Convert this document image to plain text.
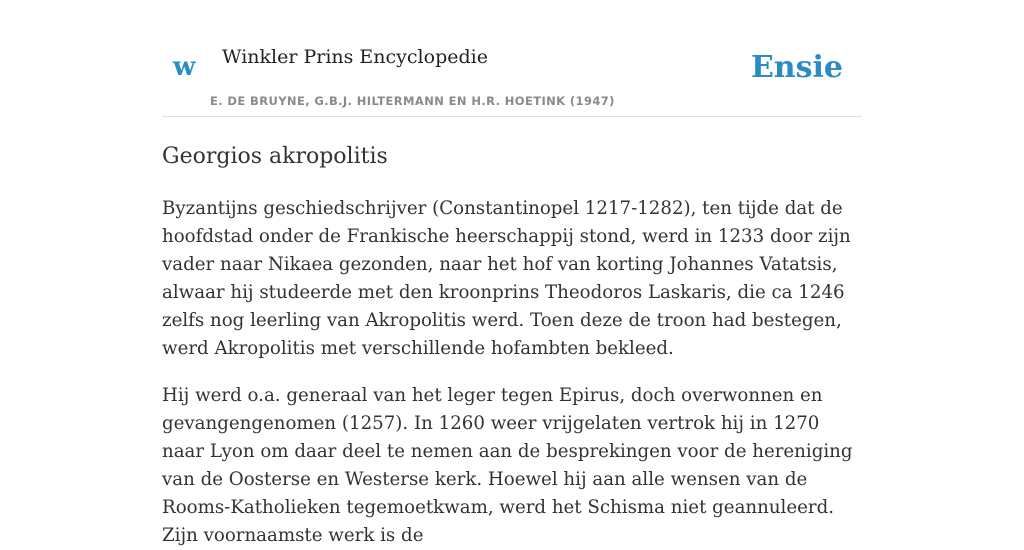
w Winkler Prins Encyclopedie	Ensie
E. DE BRUYNE, G.B.J. HILTERMANN EN H.R. HOETINK (1947)
Georgios akropolitis

Byzantijns geschiedschrijver (Constantinopel 1217-1282), ten tijde dat de hoofdstad onder de Frankische heerschappij stond, werd in 1233 door zijn vader naar Nikaea gezonden, naar het hof van korting Johannes Vatatsis, alwaar hij studeerde met den kroonprins Theodoros Laskaris, die ca 1246 zelfs nog leerling van Akropolitis werd. Toen deze de troon had bestegen, werd Akropolitis met verschillende hofambten bekleed.

Hij werd o.a. generaal van het leger tegen Epirus, doch overwonnen en gevangengenomen (1257). In 1260 weer vrijgelaten vertrok hij in 1270 naar Lyon om daar deel te nemen aan de besprekingen voor de hereniging van de Oosterse en Westerse kerk. Hoewel hij aan alle wensen van de Rooms-Katholieken tegemoetkwam, werd het Schisma niet geannuleerd. Zijn voornaamste werk is de
